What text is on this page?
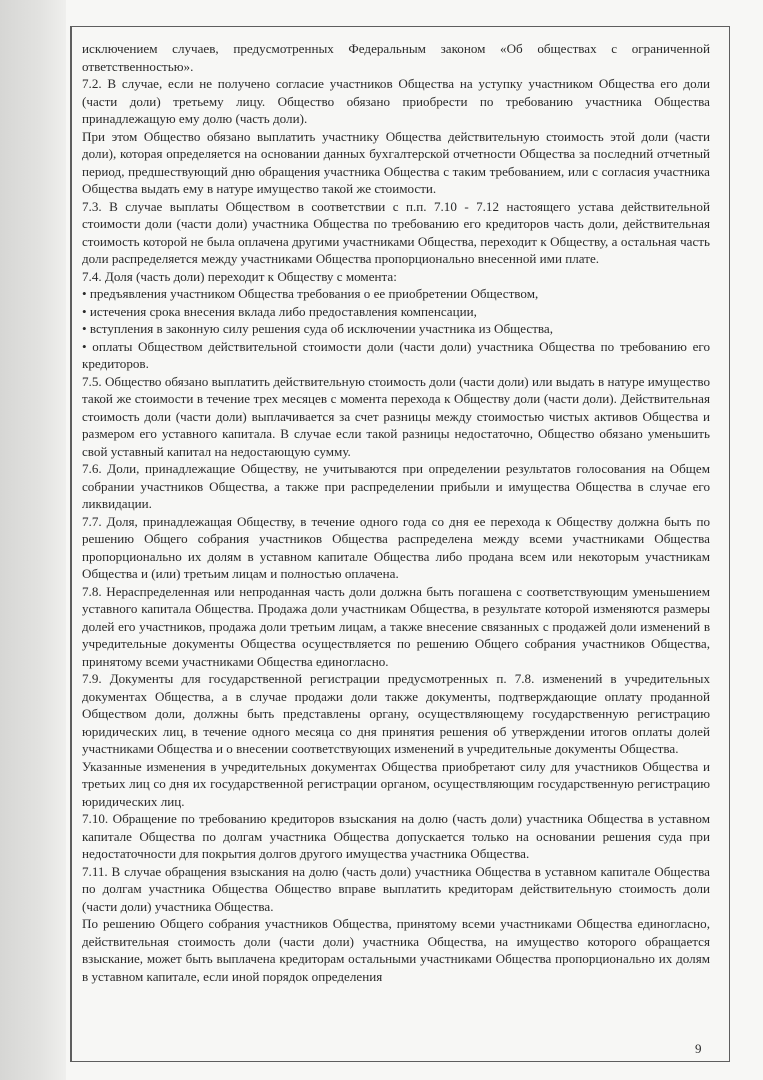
исключением случаев, предусмотренных Федеральным законом «Об обществах с ограниченной ответственностью».

7.2. В случае, если не получено согласие участников Общества на уступку участником Общества его доли (части доли) третьему лицу. Общество обязано приобрести по требованию участника Общества принадлежащую ему долю (часть доли).

При этом Общество обязано выплатить участнику Общества действительную стоимость этой доли (части доли), которая определяется на основании данных бухгалтерской отчетности Общества за последний отчетный период, предшествующий дню обращения участника Общества с таким требованием, или с согласия участника Общества выдать ему в натуре имущество такой же стоимости.

7.3. В случае выплаты Обществом в соответствии с п.п. 7.10 - 7.12 настоящего устава действительной стоимости доли (части доли) участника Общества по требованию его кредиторов часть доли, действительная стоимость которой не была оплачена другими участниками Общества, переходит к Обществу, а остальная часть доли распределяется между участниками Общества пропорционально внесенной ими плате.

7.4. Доля (часть доли) переходит к Обществу с момента:

• предъявления участником Общества требования о ее приобретении Обществом,

• истечения срока внесения вклада либо предоставления компенсации,

• вступления в законную силу решения суда об исключении участника из Общества,

• оплаты Обществом действительной стоимости доли (части доли) участника Общества по требованию его кредиторов.

7.5. Общество обязано выплатить действительную стоимость доли (части доли) или выдать в натуре имущество такой же стоимости в течение трех месяцев с момента перехода к Обществу доли (части доли). Действительная стоимость доли (части доли) выплачивается за счет разницы между стоимостью чистых активов Общества и размером его уставного капитала. В случае если такой разницы недостаточно, Общество обязано уменьшить свой уставный капитал на недостающую сумму.

7.6. Доли, принадлежащие Обществу, не учитываются при определении результатов голосования на Общем собрании участников Общества, а также при распределении прибыли и имущества Общества в случае его ликвидации.

7.7. Доля, принадлежащая Обществу, в течение одного года со дня ее перехода к Обществу должна быть по решению Общего собрания участников Общества распределена между всеми участниками Общества пропорционально их долям в уставном капитале Общества либо продана всем или некоторым участникам Общества и (или) третьим лицам и полностью оплачена.

7.8. Нераспределенная или непроданная часть доли должна быть погашена с соответствующим уменьшением уставного капитала Общества. Продажа доли участникам Общества, в результате которой изменяются размеры долей его участников, продажа доли третьим лицам, а также внесение связанных с продажей доли изменений в учредительные документы Общества осуществляется по решению Общего собрания участников Общества, принятому всеми участниками Общества единогласно.

7.9. Документы для государственной регистрации предусмотренных п. 7.8. изменений в учредительных документах Общества, а в случае продажи доли также документы, подтверждающие оплату проданной Обществом доли, должны быть представлены органу, осуществляющему государственную регистрацию юридических лиц, в течение одного месяца со дня принятия решения об утверждении итогов оплаты долей участниками Общества и о внесении соответствующих изменений в учредительные документы Общества.

Указанные изменения в учредительных документах Общества приобретают силу для участников Общества и третьих лиц со дня их государственной регистрации органом, осуществляющим государственную регистрацию юридических лиц.

7.10. Обращение по требованию кредиторов взыскания на долю (часть доли) участника Общества в уставном капитале Общества по долгам участника Общества допускается только на основании решения суда при недостаточности для покрытия долгов другого имущества участника Общества.

7.11. В случае обращения взыскания на долю (часть доли) участника Общества в уставном капитале Общества по долгам участника Общества Общество вправе выплатить кредиторам действительную стоимость доли (части доли) участника Общества.

По решению Общего собрания участников Общества, принятому всеми участниками Общества единогласно, действительная стоимость доли (части доли) участника Общества, на имущество которого обращается взыскание, может быть выплачена кредиторам остальными участниками Общества пропорционально их долям в уставном капитале, если иной порядок определения

9
